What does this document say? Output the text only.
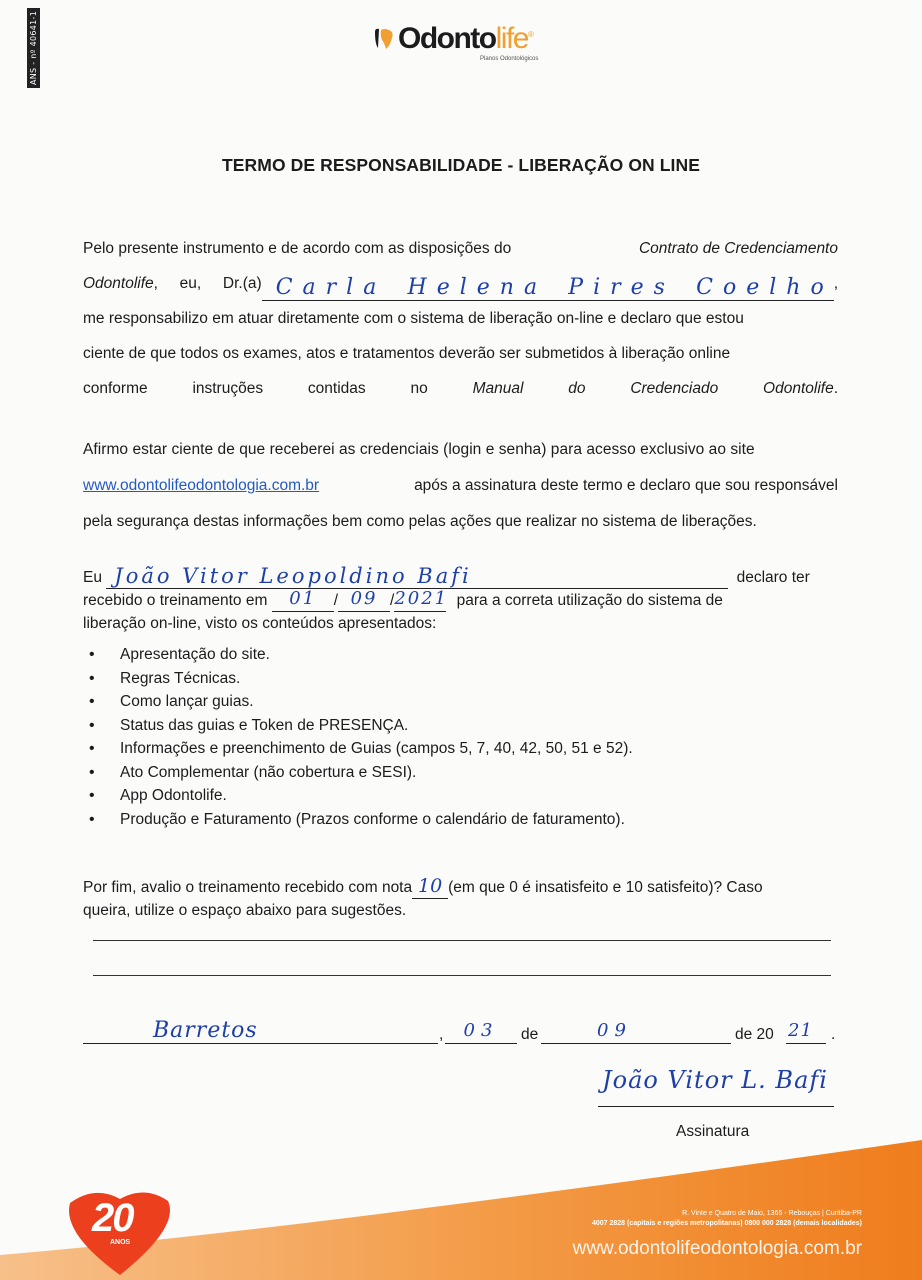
ANS - nº 40641-1	Odontolife®
Planos Odontológicos
TERMO DE RESPONSABILIDADE - LIBERAÇÃO ON LINE
Pelo presente instrumento e de acordo com as disposições do	Contrato de Credenciamento
Odontolife, eu, Dr.(a) Carla Helena Pires Coelho,
me responsabilizo em atuar diretamente com o sistema de liberação on-line e declaro que estou
ciente de que todos os exames, atos e tratamentos deverão ser submetidos à liberação online
conforme instruções contidas no	Manual do Credenciado Odontolife.
Afirmo estar ciente de que receberei as credenciais (login e senha) para acesso exclusivo ao site
www.odontolifeodontologia.com.br	após a assinatura deste termo e declaro que sou responsável
pela segurança destas informações bem como pelas ações que realizar no sistema de liberações.
Eu João Vitor Leopoldino Bafi	declaro ter
recebido o treinamento em 01 / 09 /2021 para a correta utilização do sistema de
liberação on-line, visto os conteúdos apresentados:
• Apresentação do site.
• Regras Técnicas.
• Como lançar guias.
• Status das guias e Token de PRESENÇA.
• Informações e preenchimento de Guias (campos 5, 7, 40, 42, 50, 51 e 52).
• Ato Complementar (não cobertura e SESI).
• App Odontolife.
• Produção e Faturamento (Prazos conforme o calendário de faturamento).
Por fim, avalio o treinamento recebido com nota 10 (em que 0 é insatisfeito e 10 satisfeito)? Caso
queira, utilize o espaço abaixo para sugestões.
Barretos	,	03	de	09	de 20 21	.
João Vitor L. Bafi
Assinatura
20
ANOS
R. Vinte e Quatro de Maio, 1365 - Rebouças | Curitiba-PR
4007 2828 (capitais e regiões metropolitanas) 0800 000 2828 (demais localidades)
www.odontolifeodontologia.com.br
